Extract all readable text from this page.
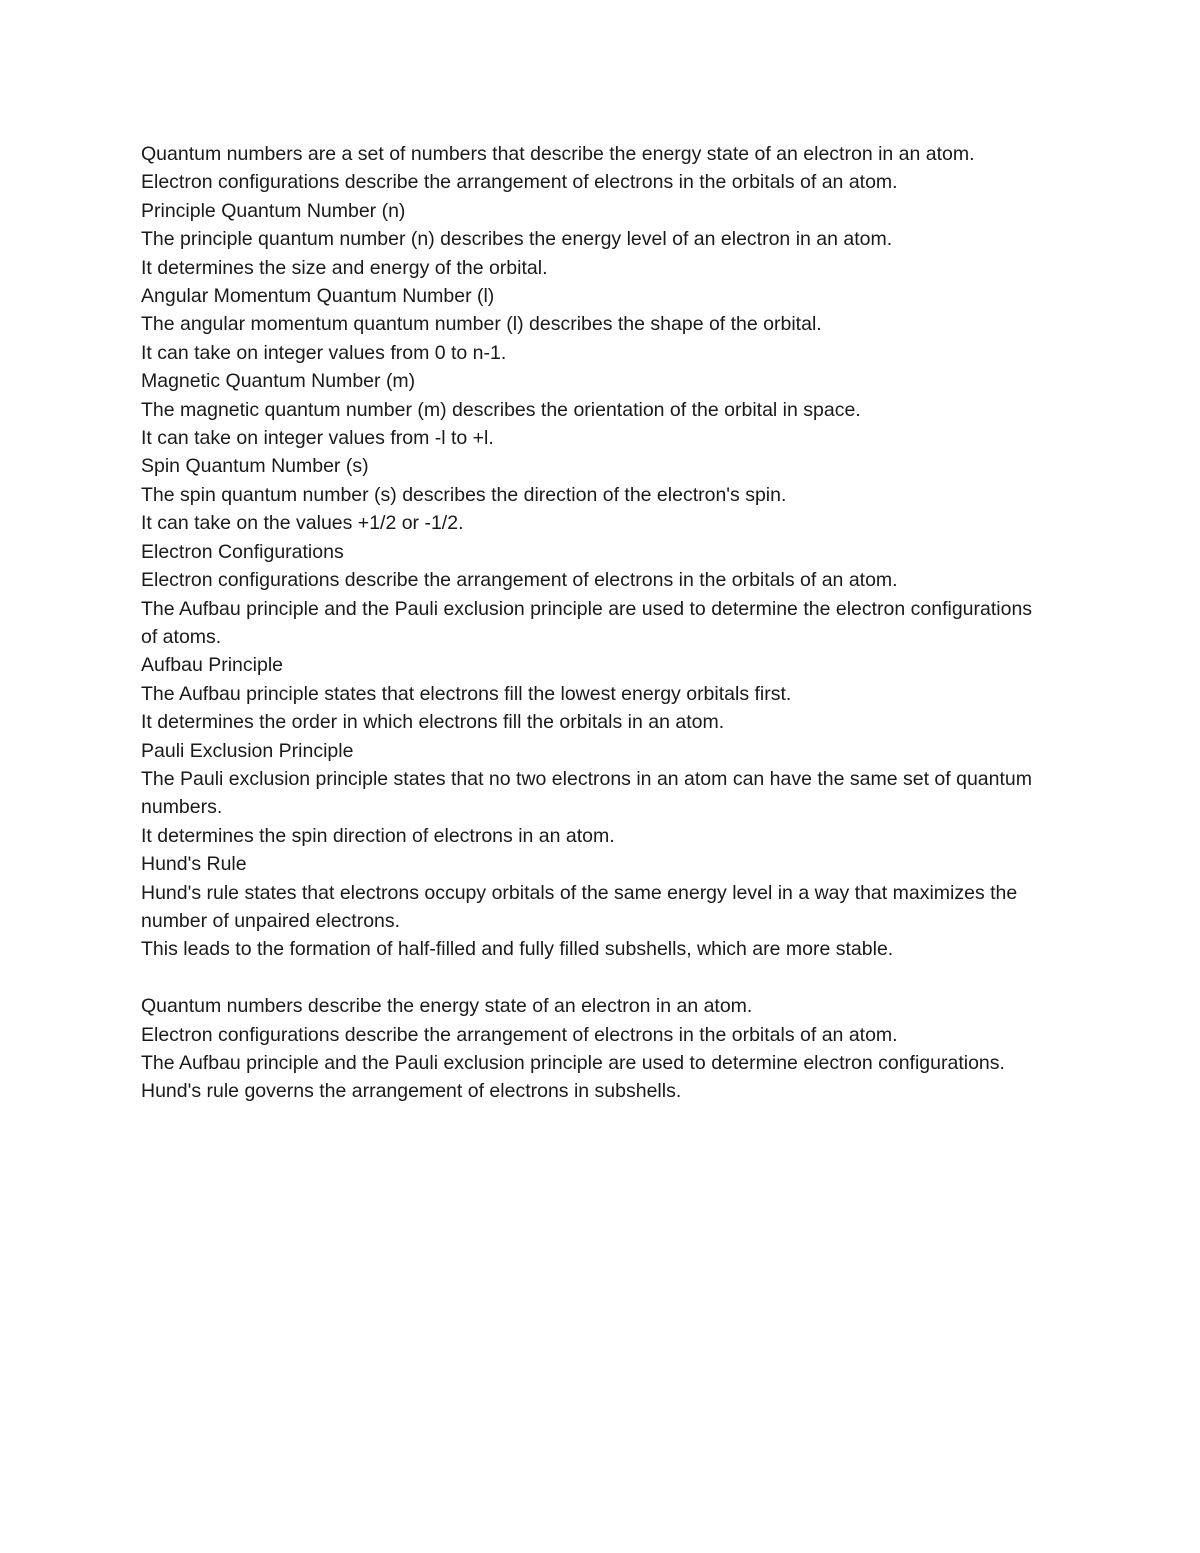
Quantum numbers are a set of numbers that describe the energy state of an electron in an atom.

Electron configurations describe the arrangement of electrons in the orbitals of an atom.

Principle Quantum Number (n)

The principle quantum number (n) describes the energy level of an electron in an atom.

It determines the size and energy of the orbital.

Angular Momentum Quantum Number (l)

The angular momentum quantum number (l) describes the shape of the orbital.

It can take on integer values from 0 to n-1.

Magnetic Quantum Number (m)

The magnetic quantum number (m) describes the orientation of the orbital in space.

It can take on integer values from -l to +l.

Spin Quantum Number (s)

The spin quantum number (s) describes the direction of the electron's spin.

It can take on the values +1/2 or -1/2.

Electron Configurations

Electron configurations describe the arrangement of electrons in the orbitals of an atom.

The Aufbau principle and the Pauli exclusion principle are used to determine the electron configurations of atoms.

Aufbau Principle

The Aufbau principle states that electrons fill the lowest energy orbitals first.

It determines the order in which electrons fill the orbitals in an atom.

Pauli Exclusion Principle

The Pauli exclusion principle states that no two electrons in an atom can have the same set of quantum numbers.

It determines the spin direction of electrons in an atom.

Hund's Rule

Hund's rule states that electrons occupy orbitals of the same energy level in a way that maximizes the number of unpaired electrons.

This leads to the formation of half-filled and fully filled subshells, which are more stable.

Quantum numbers describe the energy state of an electron in an atom.

Electron configurations describe the arrangement of electrons in the orbitals of an atom.

The Aufbau principle and the Pauli exclusion principle are used to determine electron configurations.

Hund's rule governs the arrangement of electrons in subshells.
